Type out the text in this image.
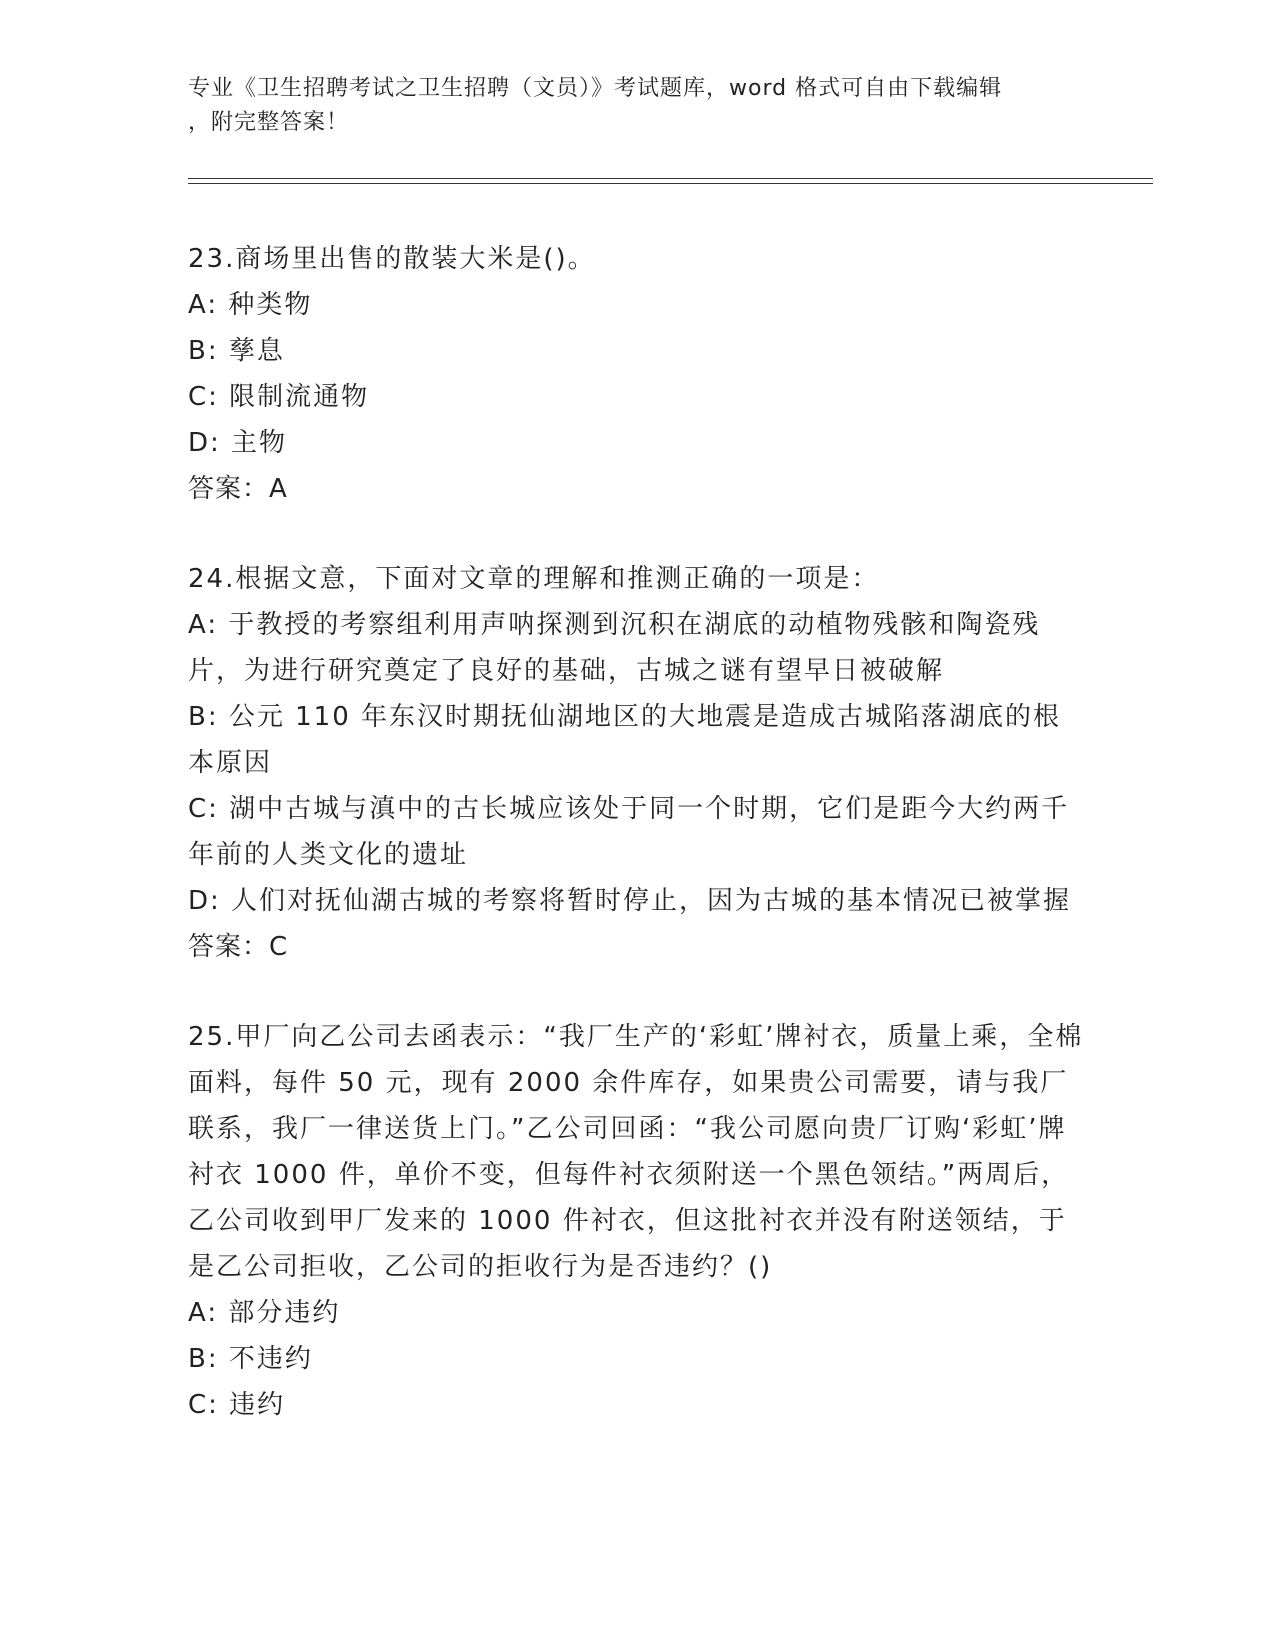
专业《卫生招聘考试之卫生招聘（文员）》考试题库，word 格式可自由下载编辑
，附完整答案！
23.商场里出售的散装大米是()。
A: 种类物
B: 孳息
C: 限制流通物
D: 主物
答案：A
24.根据文意，下面对文章的理解和推测正确的一项是：
A: 于教授的考察组利用声呐探测到沉积在湖底的动植物残骸和陶瓷残片，为进行研究奠定了良好的基础，古城之谜有望早日被破解
B: 公元 110 年东汉时期抚仙湖地区的大地震是造成古城陷落湖底的根本原因
C: 湖中古城与滇中的古长城应该处于同一个时期，它们是距今大约两千年前的人类文化的遗址
D: 人们对抚仙湖古城的考察将暂时停止，因为古城的基本情况已被掌握
答案：C
25.甲厂向乙公司去函表示：“我厂生产的‘彩虹’牌衬衣，质量上乘，全棉面料，每件 50 元，现有 2000 余件库存，如果贵公司需要，请与我厂联系，我厂一律送货上门。”乙公司回函：“我公司愿向贵厂订购‘彩虹’牌衬衣 1000 件，单价不变，但每件衬衣须附送一个黑色领结。”两周后，乙公司收到甲厂发来的 1000 件衬衣，但这批衬衣并没有附送领结，于是乙公司拒收，乙公司的拒收行为是否违约？()
A: 部分违约
B: 不违约
C: 违约
